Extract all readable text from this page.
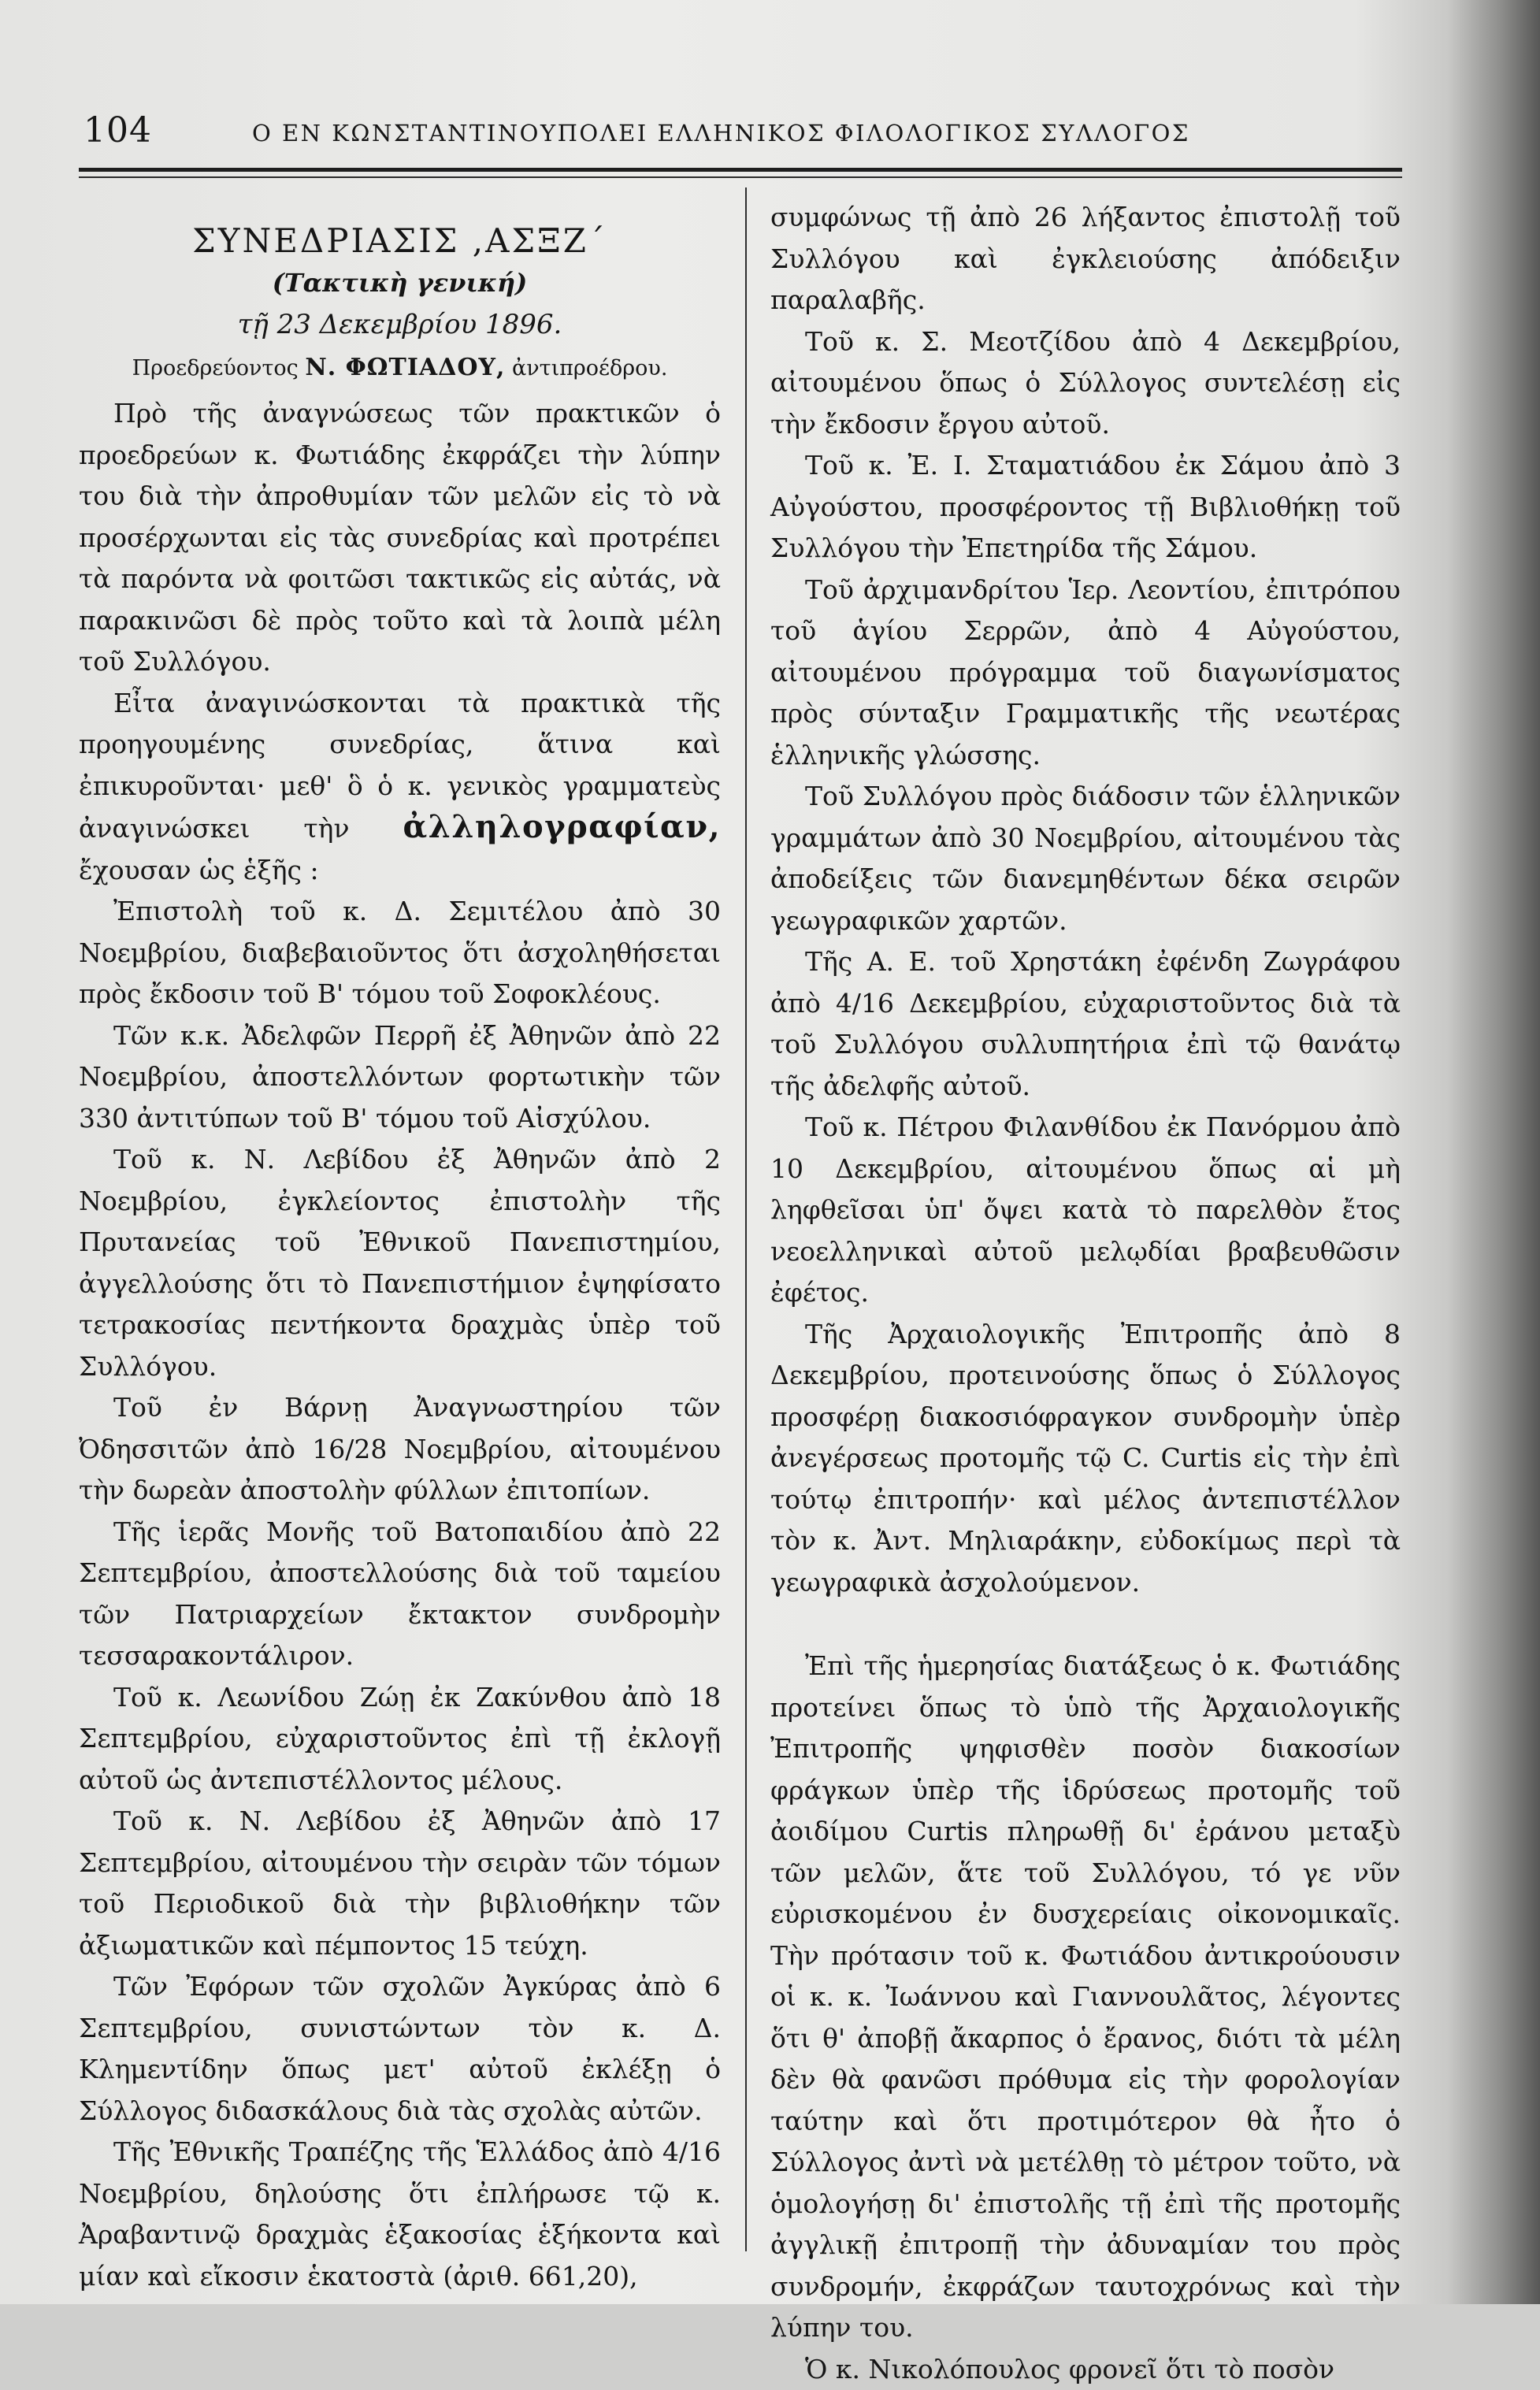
104	Ο ΕΝ ΚΩΝΣΤΑΝΤΙΝΟΥΠΟΛΕΙ ΕΛΛΗΝΙΚΟΣ ΦΙΛΟΛΟΓΙΚΟΣ ΣΥΛΛΟΓΟΣ
ΣΥΝΕΔΡΙΑΣΙΣ ,ΑΣΞΖ΄
(Τακτικὴ γενική)
τῇ 23 Δεκεμβρίου 1896.
Προεδρεύοντος Ν. ΦΩΤΙΑΔΟΥ, ἀντιπροέδρου.

Πρὸ τῆς ἀναγνώσεως τῶν πρακτικῶν ὁ προεδρεύων κ. Φωτιάδης ἐκφράζει τὴν λύπην του διὰ τὴν ἀπροθυμίαν τῶν μελῶν εἰς τὸ νὰ προσέρχωνται εἰς τὰς συνεδρίας καὶ προτρέπει τὰ παρόντα νὰ φοιτῶσι τακτικῶς εἰς αὐτάς, νὰ παρακινῶσι δὲ πρὸς τοῦτο καὶ τὰ λοιπὰ μέλη τοῦ Συλλόγου.

Εἶτα ἀναγινώσκονται τὰ πρακτικὰ τῆς προηγουμένης συνεδρίας, ἅτινα καὶ ἐπικυροῦνται· μεθ' ὃ ὁ κ. γενικὸς γραμματεὺς ἀναγινώσκει τὴν ἀλληλογραφίαν, ἔχουσαν ὡς ἑξῆς :

Ἐπιστολὴ τοῦ κ. Δ. Σεμιτέλου ἀπὸ 30 Νοεμβρίου, διαβεβαιοῦντος ὅτι ἀσχοληθήσεται πρὸς ἔκδοσιν τοῦ Β' τόμου τοῦ Σοφοκλέους.

Τῶν κ.κ. Ἀδελφῶν Περρῆ ἐξ Ἀθηνῶν ἀπὸ 22 Νοεμβρίου, ἀποστελλόντων φορτωτικὴν τῶν 330 ἀντιτύπων τοῦ Β' τόμου τοῦ Αἰσχύλου.

Τοῦ κ. Ν. Λεβίδου ἐξ Ἀθηνῶν ἀπὸ 2 Νοεμβρίου, ἐγκλείοντος ἐπιστολὴν τῆς Πρυτανείας τοῦ Ἐθνικοῦ Πανεπιστημίου, ἀγγελλούσης ὅτι τὸ Πανεπιστήμιον ἐψηφίσατο τετρακοσίας πεντήκοντα δραχμὰς ὑπὲρ τοῦ Συλλόγου.

Τοῦ ἐν Βάρνῃ Ἀναγνωστηρίου τῶν Ὀδησσιτῶν ἀπὸ 16/28 Νοεμβρίου, αἰτουμένου τὴν δωρεὰν ἀποστολὴν φύλλων ἐπιτοπίων.

Τῆς ἱερᾶς Μονῆς τοῦ Βατοπαιδίου ἀπὸ 22 Σεπτεμβρίου, ἀποστελλούσης διὰ τοῦ ταμείου τῶν Πατριαρχείων ἔκτακτον συνδρομὴν τεσσαρακοντάλιρον.

Τοῦ κ. Λεωνίδου Ζώῃ ἐκ Ζακύνθου ἀπὸ 18 Σεπτεμβρίου, εὐχαριστοῦντος ἐπὶ τῇ ἐκλογῇ αὐτοῦ ὡς ἀντεπιστέλλοντος μέλους.

Τοῦ κ. Ν. Λεβίδου ἐξ Ἀθηνῶν ἀπὸ 17 Σεπτεμβρίου, αἰτουμένου τὴν σειρὰν τῶν τόμων τοῦ Περιοδικοῦ διὰ τὴν βιβλιοθήκην τῶν ἀξιωματικῶν καὶ πέμποντος 15 τεύχη.

Τῶν Ἐφόρων τῶν σχολῶν Ἀγκύρας ἀπὸ 6 Σεπτεμβρίου, συνιστώντων τὸν κ. Δ. Κλημεντίδην ὅπως μετ' αὐτοῦ ἐκλέξῃ ὁ Σύλλογος διδασκάλους διὰ τὰς σχολὰς αὐτῶν.

Τῆς Ἐθνικῆς Τραπέζης τῆς Ἑλλάδος ἀπὸ 4/16 Νοεμβρίου, δηλούσης ὅτι ἐπλήρωσε τῷ κ. Ἀραβαντινῷ δραχμὰς ἑξακοσίας ἑξήκοντα καὶ μίαν καὶ εἴκοσιν ἑκατοστὰ (ἀριθ. 661,20),

συμφώνως τῇ ἀπὸ 26 λήξαντος ἐπιστολῇ τοῦ Συλλόγου καὶ ἐγκλειούσης ἀπόδειξιν παραλαβῆς.

Τοῦ κ. Σ. Μεοτζίδου ἀπὸ 4 Δεκεμβρίου, αἰτουμένου ὅπως ὁ Σύλλογος συντελέσῃ εἰς τὴν ἔκδοσιν ἔργου αὐτοῦ.

Τοῦ κ. Ἐ. Ι. Σταματιάδου ἐκ Σάμου ἀπὸ 3 Αὐγούστου, προσφέροντος τῇ Βιβλιοθήκῃ τοῦ Συλλόγου τὴν Ἐπετηρίδα τῆς Σάμου.

Τοῦ ἀρχιμανδρίτου Ἱερ. Λεοντίου, ἐπιτρόπου τοῦ ἁγίου Σερρῶν, ἀπὸ 4 Αὐγούστου, αἰτουμένου πρόγραμμα τοῦ διαγωνίσματος πρὸς σύνταξιν Γραμματικῆς τῆς νεωτέρας ἑλληνικῆς γλώσσης.

Τοῦ Συλλόγου πρὸς διάδοσιν τῶν ἑλληνικῶν γραμμάτων ἀπὸ 30 Νοεμβρίου, αἰτουμένου τὰς ἀποδείξεις τῶν διανεμηθέντων δέκα σειρῶν γεωγραφικῶν χαρτῶν.

Τῆς Α. Ε. τοῦ Χρηστάκη ἐφένδη Ζωγράφου ἀπὸ 4/16 Δεκεμβρίου, εὐχαριστοῦντος διὰ τὰ τοῦ Συλλόγου συλλυπητήρια ἐπὶ τῷ θανάτῳ τῆς ἀδελφῆς αὐτοῦ.

Τοῦ κ. Πέτρου Φιλανθίδου ἐκ Πανόρμου ἀπὸ 10 Δεκεμβρίου, αἰτουμένου ὅπως αἱ μὴ ληφθεῖσαι ὑπ' ὄψει κατὰ τὸ παρελθὸν ἔτος νεοελληνικαὶ αὐτοῦ μελῳδίαι βραβευθῶσιν ἐφέτος.

Τῆς Ἀρχαιολογικῆς Ἐπιτροπῆς ἀπὸ 8 Δεκεμβρίου, προτεινούσης ὅπως ὁ Σύλλογος προσφέρῃ διακοσιόφραγκον συνδρομὴν ὑπὲρ ἀνεγέρσεως προτομῆς τῷ C. Curtis εἰς τὴν ἐπὶ τούτῳ ἐπιτροπήν· καὶ μέλος ἀντεπιστέλλον τὸν κ. Ἀντ. Μηλιαράκην, εὐδοκίμως περὶ τὰ γεωγραφικὰ ἀσχολούμενον.

Ἐπὶ τῆς ἡμερησίας διατάξεως ὁ κ. Φωτιάδης προτείνει ὅπως τὸ ὑπὸ τῆς Ἀρχαιολογικῆς Ἐπιτροπῆς ψηφισθὲν ποσὸν διακοσίων φράγκων ὑπὲρ τῆς ἱδρύσεως προτομῆς τοῦ ἀοιδίμου Curtis πληρωθῇ δι' ἐράνου μεταξὺ τῶν μελῶν, ἅτε τοῦ Συλλόγου, τό γε νῦν εὐρισκομένου ἐν δυσχερείαις οἰκονομικαῖς. Τὴν πρότασιν τοῦ κ. Φωτιάδου ἀντικρούουσιν οἱ κ. κ. Ἰωάννου καὶ Γιαννουλᾶτος, λέγοντες ὅτι θ' ἀποβῇ ἄκαρπος ὁ ἔρανος, διότι τὰ μέλη δὲν θὰ φανῶσι πρόθυμα εἰς τὴν φορολογίαν ταύτην καὶ ὅτι προτιμότερον θὰ ἦτο ὁ Σύλλογος ἀντὶ νὰ μετέλθῃ τὸ μέτρον τοῦτο, νὰ ὁμολογήσῃ δι' ἐπιστολῆς τῇ ἐπὶ τῆς προτομῆς ἀγγλικῇ ἐπιτροπῇ τὴν ἀδυναμίαν του πρὸς συνδρομήν, ἐκφράζων ταυτοχρόνως καὶ τὴν λύπην του.

Ὁ κ. Νικολόπουλος φρονεῖ ὅτι τὸ ποσὸν
